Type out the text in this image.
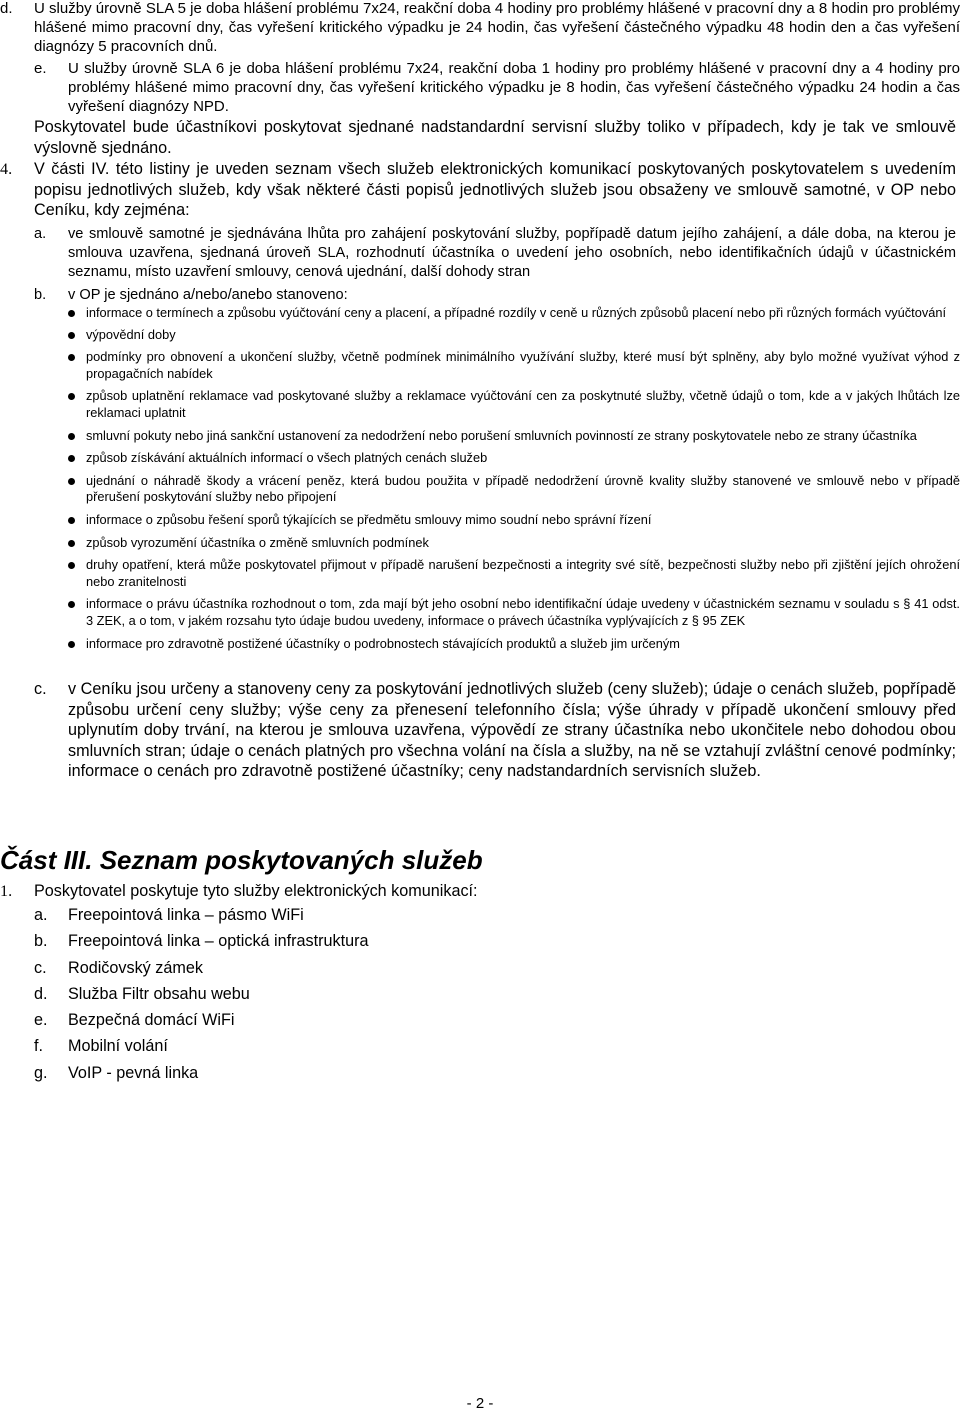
d. U služby úrovně SLA 5 je doba hlášení problému 7x24, reakční doba 4 hodiny pro problémy hlášené v pracovní dny a 8 hodin pro problémy hlášené mimo pracovní dny, čas vyřešení kritického výpadku je 24 hodin, čas vyřešení částečného výpadku 48 hodin den a čas vyřešení diagnózy 5 pracovních dnů.
e. U služby úrovně SLA 6 je doba hlášení problému 7x24, reakční doba 1 hodiny pro problémy hlášené v pracovní dny a 4 hodiny pro problémy hlášené mimo pracovní dny, čas vyřešení kritického výpadku je 8 hodin, čas vyřešení částečného výpadku 24 hodin a čas vyřešení diagnózy NPD.
Poskytovatel bude účastníkovi poskytovat sjednané nadstandardní servisní služby toliko v případech, kdy je tak ve smlouvě výslovně sjednáno.
4. V části IV. této listiny je uveden seznam všech služeb elektronických komunikací poskytovaných poskytovatelem s uvedením popisu jednotlivých služeb, kdy však některé části popisů jednotlivých služeb jsou obsaženy ve smlouvě samotné, v OP nebo Ceníku, kdy zejména:
a. ve smlouvě samotné je sjednávána lhůta pro zahájení poskytování služby, popřípadě datum jejího zahájení, a dále doba, na kterou je smlouva uzavřena, sjednaná úroveň SLA, rozhodnutí účastníka o uvedení jeho osobních, nebo identifikačních údajů v účastnickém seznamu, místo uzavření smlouvy, cenová ujednání, další dohody stran
b. v OP je sjednáno a/nebo/anebo stanoveno:
informace o termínech a způsobu vyúčtování ceny a placení, a případné rozdíly v ceně u různých způsobů placení nebo při různých formách vyúčtování
výpovědní doby
podmínky pro obnovení a ukončení služby, včetně podmínek minimálního využívání služby, které musí být splněny, aby bylo možné využívat výhod z propagačních nabídek
způsob uplatnění reklamace vad poskytované služby a reklamace vyúčtování cen za poskytnuté služby, včetně údajů o tom, kde a v jakých lhůtách lze reklamaci uplatnit
smluvní pokuty nebo jiná sankční ustanovení za nedodržení nebo porušení smluvních povinností ze strany poskytovatele nebo ze strany účastníka
způsob získávání aktuálních informací o všech platných cenách služeb
ujednání o náhradě škody a vrácení peněz, která budou použita v případě nedodržení úrovně kvality služby stanovené ve smlouvě nebo v případě přerušení poskytování služby nebo připojení
informace o způsobu řešení sporů týkajících se předmětu smlouvy mimo soudní nebo správní řízení
způsob vyrozumění účastníka o změně smluvních podmínek
druhy opatření, která může poskytovatel přijmout v případě narušení bezpečnosti a integrity své sítě, bezpečnosti služby nebo při zjištění jejích ohrožení nebo zranitelnosti
informace o právu účastníka rozhodnout o tom, zda mají být jeho osobní nebo identifikační údaje uvedeny v účastnickém seznamu v souladu s § 41 odst. 3 ZEK, a o tom, v jakém rozsahu tyto údaje budou uvedeny, informace o právech účastníka vyplývajících z § 95 ZEK
informace pro zdravotně postižené účastníky o podrobnostech stávajících produktů a služeb jim určeným
c. v Ceníku jsou určeny a stanoveny ceny za poskytování jednotlivých služeb (ceny služeb); údaje o cenách služeb, popřípadě způsobu určení ceny služby; výše ceny za přenesení telefonního čísla; výše úhrady v případě ukončení smlouvy před uplynutím doby trvání, na kterou je smlouva uzavřena, výpovědí ze strany účastníka nebo ukončitele nebo dohodou obou smluvních stran; údaje o cenách platných pro všechna volání na čísla a služby, na ně se vztahují zvláštní cenové podmínky; informace o cenách pro zdravotně postižené účastníky; ceny nadstandardních servisních služeb.
Část III. Seznam poskytovaných služeb
1. Poskytovatel poskytuje tyto služby elektronických komunikací:
a. Freepointová linka – pásmo WiFi
b. Freepointová linka – optická infrastruktura
c. Rodičovský zámek
d. Služba Filtr obsahu webu
e. Bezpečná domácí WiFi
f. Mobilní volání
g. VoIP - pevná linka
- 2 -
